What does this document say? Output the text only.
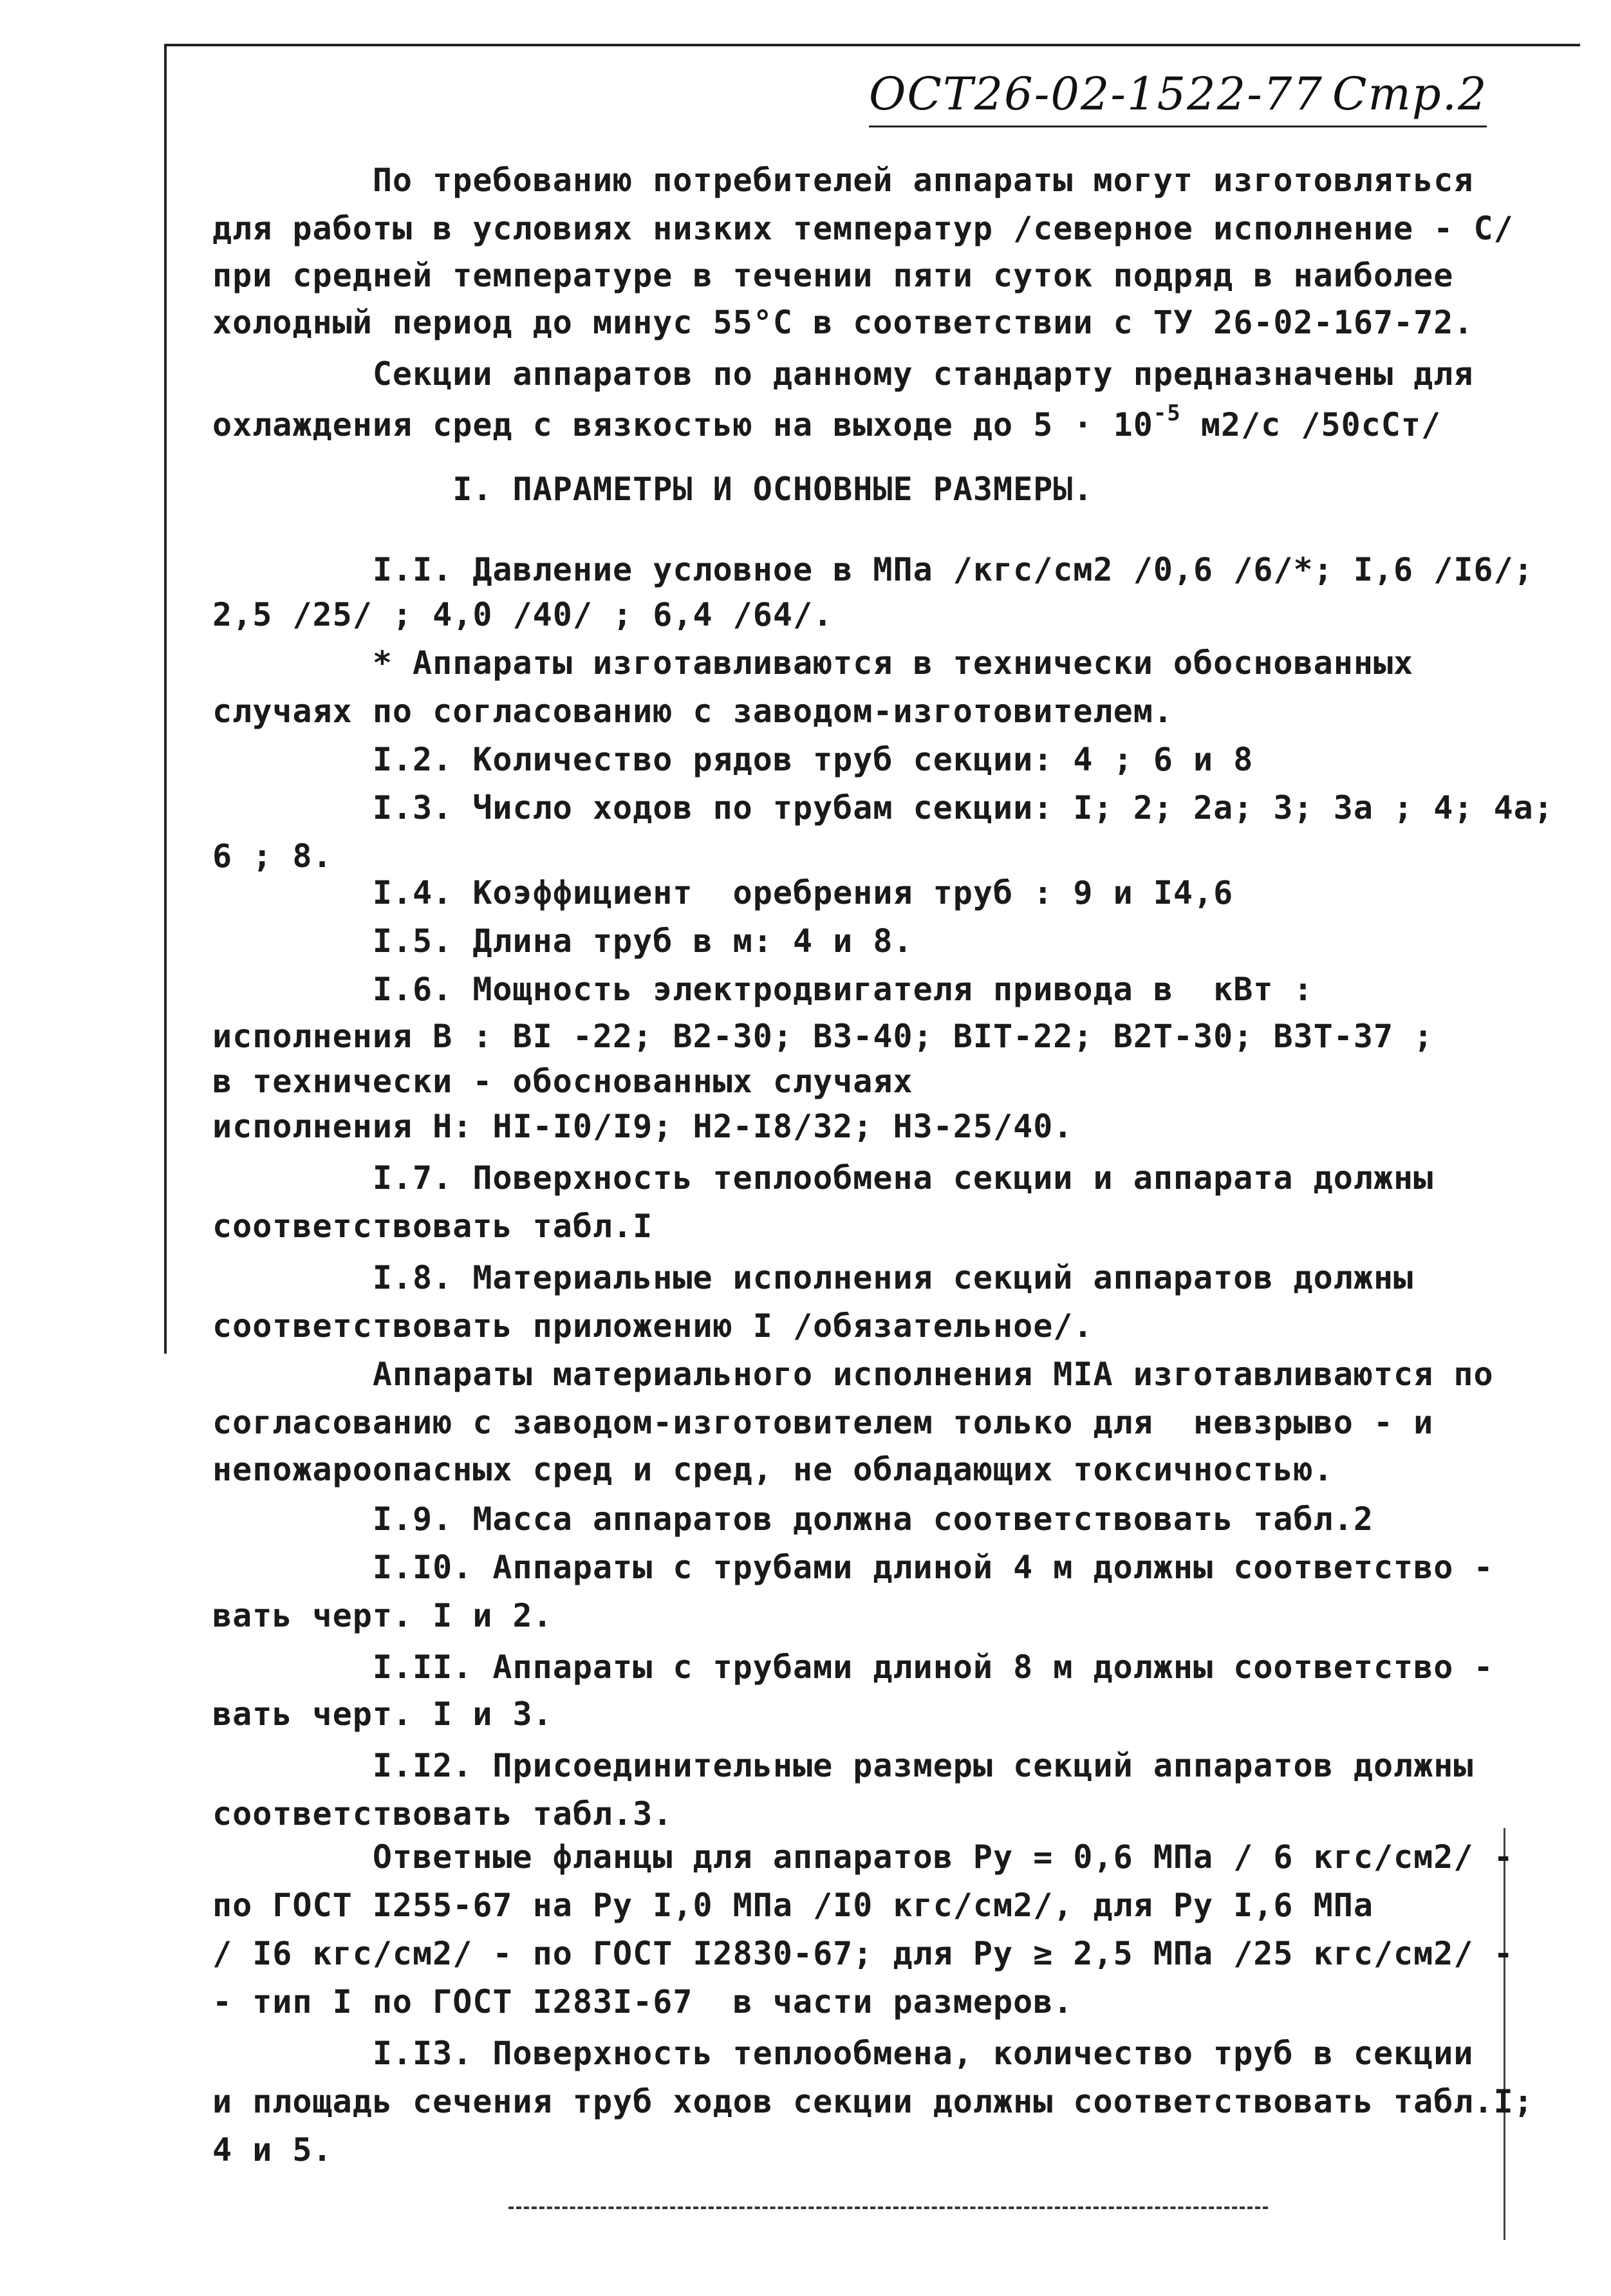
ОСТ26-02-1522-77 Стр.2
По требованию потребителей аппараты могут изготовляться
для работы в условиях низких температур /северное исполнение - С/
при средней температуре в течении пяти суток подряд в наиболее
холодный период до минус 55°С в соответствии с ТУ 26-02-167-72.
Секции аппаратов по данному стандарту предназначены для
охлаждения сред с вязкостью на выходе до $5 \cdot 10^{-5}$ м2/с /50сСт/
I. ПАРАМЕТРЫ И ОСНОВНЫЕ РАЗМЕРЫ.
I.I. Давление условное в МПа /кгс/см2 /0,6 /6/*; I,6 /I6/;
2,5 /25/ ; 4,0 /40/ ; 6,4 /64/.
* Аппараты изготавливаются в технически обоснованных
случаях по согласованию с заводом-изготовителем.
I.2. Количество рядов труб секции: 4 ; 6 и 8
I.3. Число ходов по трубам секции: I; 2; 2а; 3; 3а ; 4; 4а;
6 ; 8.
I.4. Коэффициент  оребрения труб : 9 и I4,6
I.5. Длина труб в м: 4 и 8.
I.6. Мощность электродвигателя привода в  кВт :
исполнения В : ВI -22; В2-30; В3-40; ВIТ-22; В2Т-30; В3Т-37 ;
в технически - обоснованных случаях
исполнения Н: НI-I0/I9; Н2-I8/32; Н3-25/40.
I.7. Поверхность теплообмена секции и аппарата должны
соответствовать табл.I
I.8. Материальные исполнения секций аппаратов должны
соответствовать приложению I /обязательное/.
Аппараты материального исполнения МIА изготавливаются по
согласованию с заводом-изготовителем только для  невзрыво - и
непожароопасных сред и сред, не обладающих токсичностью.
I.9. Масса аппаратов должна соответствовать табл.2
I.I0. Аппараты с трубами длиной 4 м должны соответство -
вать черт. I и 2.
I.II. Аппараты с трубами длиной 8 м должны соответство -
вать черт. I и 3.
I.I2. Присоединительные размеры секций аппаратов должны
соответствовать табл.3.
Ответные фланцы для аппаратов Ру = 0,6 МПа / 6 кгс/см2/ -
по ГОСТ I255-67 на Ру I,0 МПа /I0 кгс/см2/, для Ру I,6 МПа
/ I6 кгс/см2/ - по ГОСТ I2830-67; для Ру ≥ 2,5 МПа /25 кгс/см2/ -
- тип I по ГОСТ I283I-67  в части размеров.
I.I3. Поверхность теплообмена, количество труб в секции
и площадь сечения труб ходов секции должны соответствовать табл.I;
4 и 5.
